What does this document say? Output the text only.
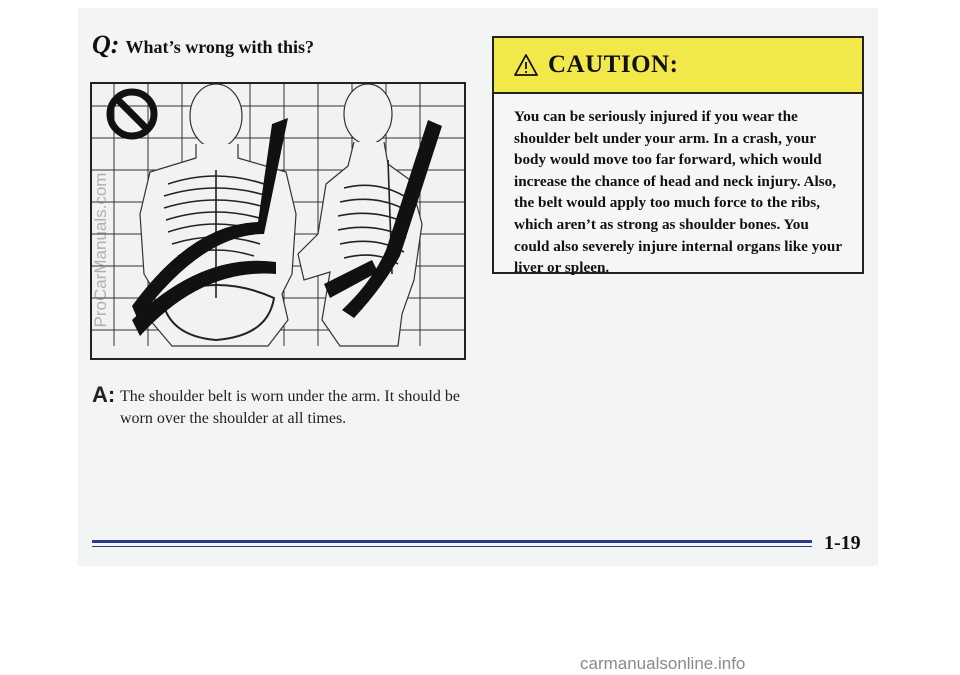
Q: What’s wrong with this?
ProCarManuals.com
A: The shoulder belt is worn under the arm. It should be worn over the shoulder at all times.
CAUTION:
You can be seriously injured if you wear the shoulder belt under your arm. In a crash, your body would move too far forward, which would increase the chance of head and neck injury. Also, the belt would apply too much force to the ribs, which aren’t as strong as shoulder bones. You could also severely injure internal organs like your liver or spleen.
1-19
carmanualsonline.info
